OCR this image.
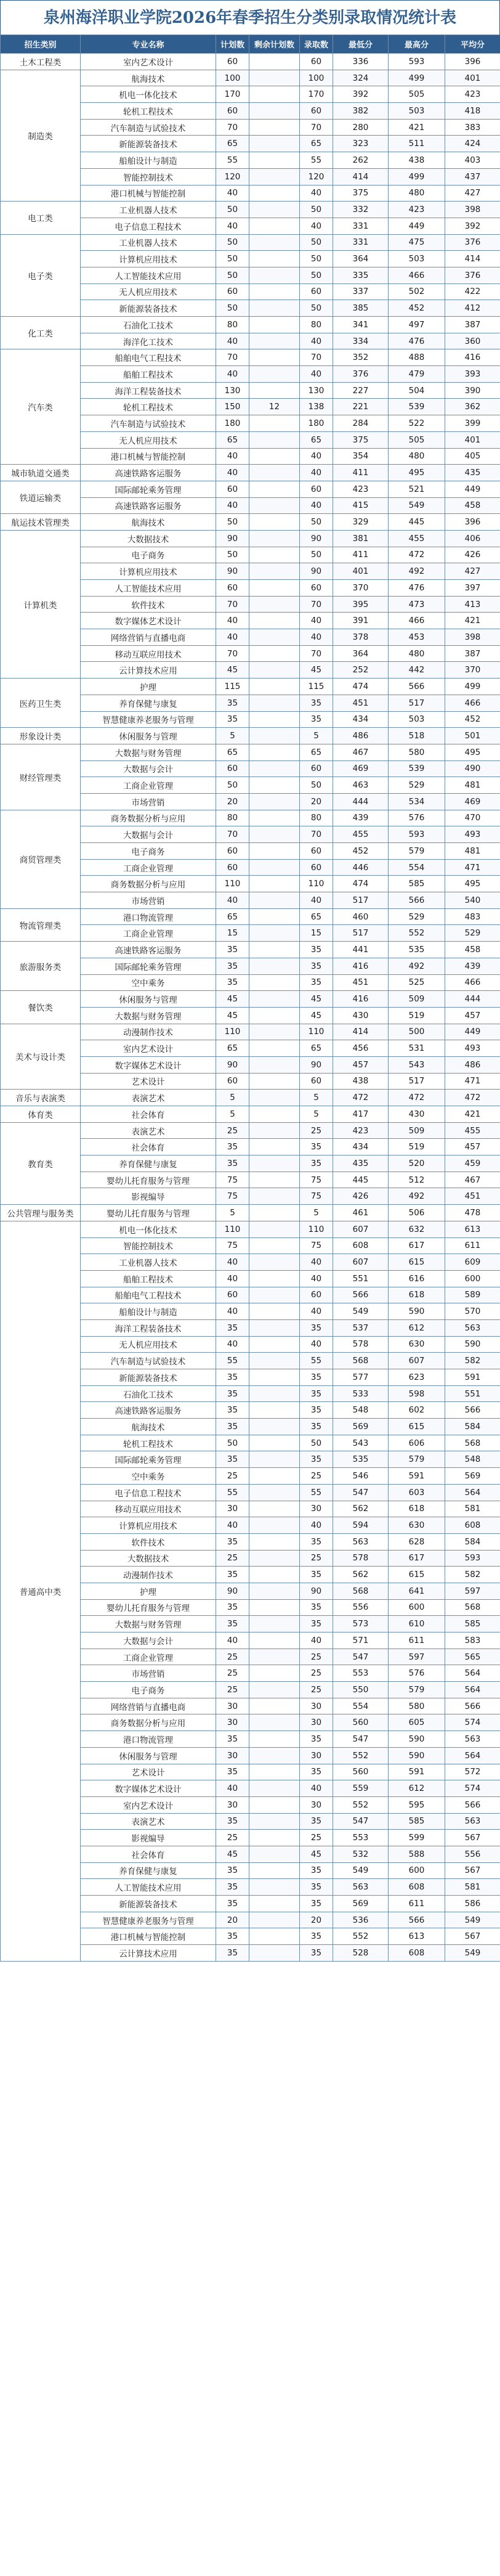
泉州海洋职业学院2026年春季招生分类别录取情况统计表
招生类别	专业名称	计划数	剩余计划数	录取数	最低分	最高分	平均分
土木工程类	室内艺术设计	60		60	336	593	396
制造类	航海技术	100		100	324	499	401
	机电一体化技术	170		170	392	505	423
	轮机工程技术	60		60	382	503	418
	汽车制造与试验技术	70		70	280	421	383
	新能源装备技术	65		65	323	511	424
	船舶设计与制造	55		55	262	438	403
	智能控制技术	120		120	414	499	437
	港口机械与智能控制	40		40	375	480	427
电工类	工业机器人技术	50		50	332	423	398
	电子信息工程技术	40		40	331	449	392
电子类	工业机器人技术	50		50	331	475	376
	计算机应用技术	50		50	364	503	414
	人工智能技术应用	50		50	335	466	376
	无人机应用技术	60		60	337	502	422
	新能源装备技术	50		50	385	452	412
化工类	石油化工技术	80		80	341	497	387
	海洋化工技术	40		40	334	476	360
汽车类	船舶电气工程技术	70		70	352	488	416
	船舶工程技术	40		40	376	479	393
	海洋工程装备技术	130		130	227	504	390
	轮机工程技术	150	12	138	221	539	362
	汽车制造与试验技术	180		180	284	522	399
	无人机应用技术	65		65	375	505	401
	港口机械与智能控制	40		40	354	480	405
城市轨道交通类	高速铁路客运服务	40		40	411	495	435
铁道运输类	国际邮轮乘务管理	60		60	423	521	449
	高速铁路客运服务	40		40	415	549	458
航运技术管理类	航海技术	50		50	329	445	396
计算机类	大数据技术	90		90	381	455	406
	电子商务	50		50	411	472	426
	计算机应用技术	90		90	401	492	427
	人工智能技术应用	60		60	370	476	397
	软件技术	70		70	395	473	413
	数字媒体艺术设计	40		40	391	466	421
	网络营销与直播电商	40		40	378	453	398
	移动互联应用技术	70		70	364	480	387
	云计算技术应用	45		45	252	442	370
医药卫生类	护理	115		115	474	566	499
	养育保健与康复	35		35	451	517	466
	智慧健康养老服务与管理	35		35	434	503	452
形象设计类	休闲服务与管理	5		5	486	518	501
财经管理类	大数据与财务管理	65		65	467	580	495
	大数据与会计	60		60	469	539	490
	工商企业管理	50		50	463	529	481
	市场营销	20		20	444	534	469
商贸管理类	商务数据分析与应用	80		80	439	576	470
	大数据与会计	70		70	455	593	493
	电子商务	60		60	452	579	481
	工商企业管理	60		60	446	554	471
	商务数据分析与应用	110		110	474	585	495
	市场营销	40		40	517	566	540
物流管理类	港口物流管理	65		65	460	529	483
	工商企业管理	15		15	517	552	529
旅游服务类	高速铁路客运服务	35		35	441	535	458
	国际邮轮乘务管理	35		35	416	492	439
	空中乘务	35		35	451	525	466
餐饮类	休闲服务与管理	45		45	416	509	444
	大数据与财务管理	45		45	430	519	457
美术与设计类	动漫制作技术	110		110	414	500	449
	室内艺术设计	65		65	456	531	493
	数字媒体艺术设计	90		90	457	543	486
	艺术设计	60		60	438	517	471
音乐与表演类	表演艺术	5		5	472	472	472
体育类	社会体育	5		5	417	430	421
教育类	表演艺术	25		25	423	509	455
	社会体育	35		35	434	519	457
	养育保健与康复	35		35	435	520	459
	婴幼儿托育服务与管理	75		75	445	512	467
	影视编导	75		75	426	492	451
公共管理与服务类	婴幼儿托育服务与管理	5		5	461	506	478
普通高中类	机电一体化技术	110		110	607	632	613
	智能控制技术	75		75	608	617	611
	工业机器人技术	40		40	607	615	609
	船舶工程技术	40		40	551	616	600
	船舶电气工程技术	60		60	566	618	589
	船舶设计与制造	40		40	549	590	570
	海洋工程装备技术	35		35	537	612	563
	无人机应用技术	40		40	578	630	590
	汽车制造与试验技术	55		55	568	607	582
	新能源装备技术	35		35	577	623	591
	石油化工技术	35		35	533	598	551
	高速铁路客运服务	35		35	548	602	566
	航海技术	35		35	569	615	584
	轮机工程技术	50		50	543	606	568
	国际邮轮乘务管理	35		35	535	579	548
	空中乘务	25		25	546	591	569
	电子信息工程技术	55		55	547	603	564
	移动互联应用技术	30		30	562	618	581
	计算机应用技术	40		40	594	630	608
	软件技术	35		35	563	628	584
	大数据技术	25		25	578	617	593
	动漫制作技术	35		35	562	615	582
	护理	90		90	568	641	597
	婴幼儿托育服务与管理	35		35	556	600	568
	大数据与财务管理	35		35	573	610	585
	大数据与会计	40		40	571	611	583
	工商企业管理	25		25	547	597	565
	市场营销	25		25	553	576	564
	电子商务	25		25	550	579	564
	网络营销与直播电商	30		30	554	580	566
	商务数据分析与应用	30		30	560	605	574
	港口物流管理	35		35	547	590	563
	休闲服务与管理	30		30	552	590	564
	艺术设计	35		35	560	591	572
	数字媒体艺术设计	40		40	559	612	574
	室内艺术设计	30		30	552	595	566
	表演艺术	35		35	547	585	563
	影视编导	25		25	553	599	567
	社会体育	45		45	532	588	556
	养育保健与康复	35		35	549	600	567
	人工智能技术应用	35		35	563	608	581
	新能源装备技术	35		35	569	611	586
	智慧健康养老服务与管理	20		20	536	566	549
	港口机械与智能控制	35		35	552	613	567
	云计算技术应用	35		35	528	608	549
